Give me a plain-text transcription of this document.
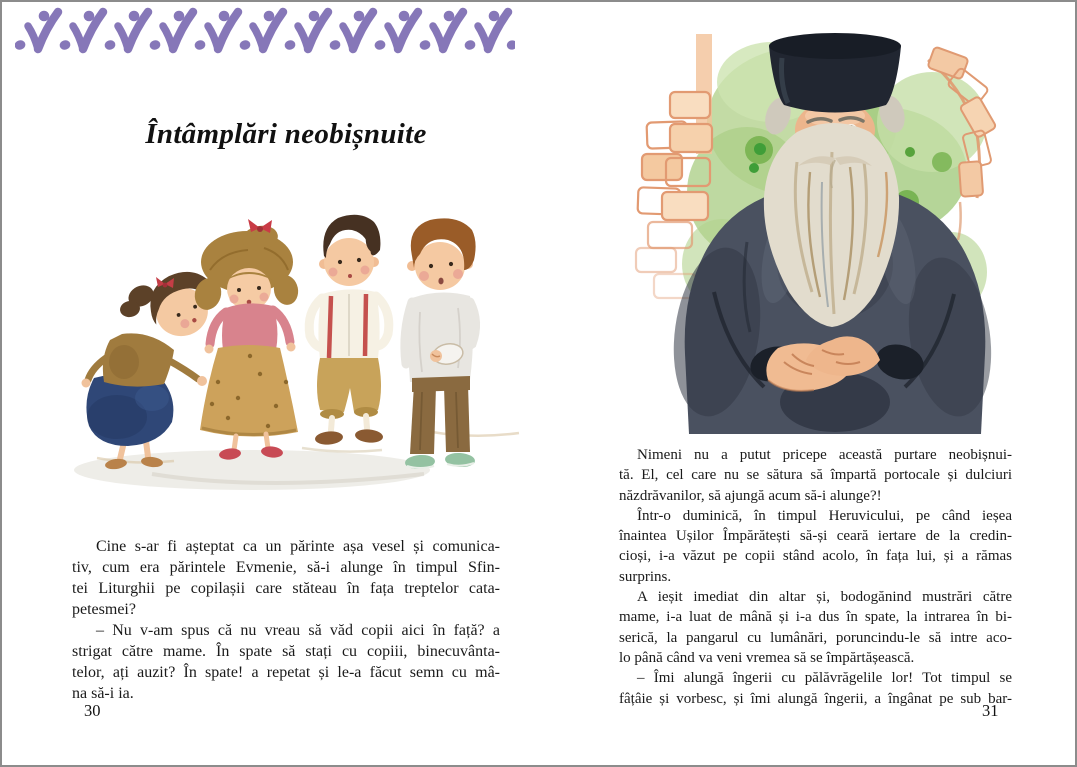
Întâmplări neobișnuite
Cine s-ar fi așteptat ca un părinte așa vesel și comunica-
tiv, cum era părintele Evmenie, să-i alunge în timpul Sfin-
tei Liturghii pe copilașii care stăteau în fața treptelor cata-
petesmei?
– Nu v-am spus că nu vreau să văd copii aici în față? a
strigat către mame. În spate să stați cu copiii, binecuvânta-
telor, ați auzit? În spate! a repetat și le-a făcut semn cu mâ-
na să-i ia.
30
Nimeni nu a putut pricepe această purtare neobișnui-
tă. El, cel care nu se sătura să împartă portocale și dulciuri
năzdrăvanilor, să ajungă acum să-i alunge?!
Într-o duminică, în timpul Heruvicului, pe când ieșea
înaintea Ușilor Împărătești să-și ceară iertare de la credin-
cioși, i-a văzut pe copii stând acolo, în fața lui, și a rămas
surprins.
A ieșit imediat din altar și, bodogănind mustrări către
mame, i-a luat de mână și i-a dus în spate, la intrarea în bi-
serică, la pangarul cu lumânări, poruncindu-le să intre aco-
lo până când va veni vremea să se împărtășească.
– Îmi alungă îngerii cu pălăvrăgelile lor! Tot timpul se
fâțâie și vorbesc, și îmi alungă îngerii, a îngânat pe sub bar-
31
